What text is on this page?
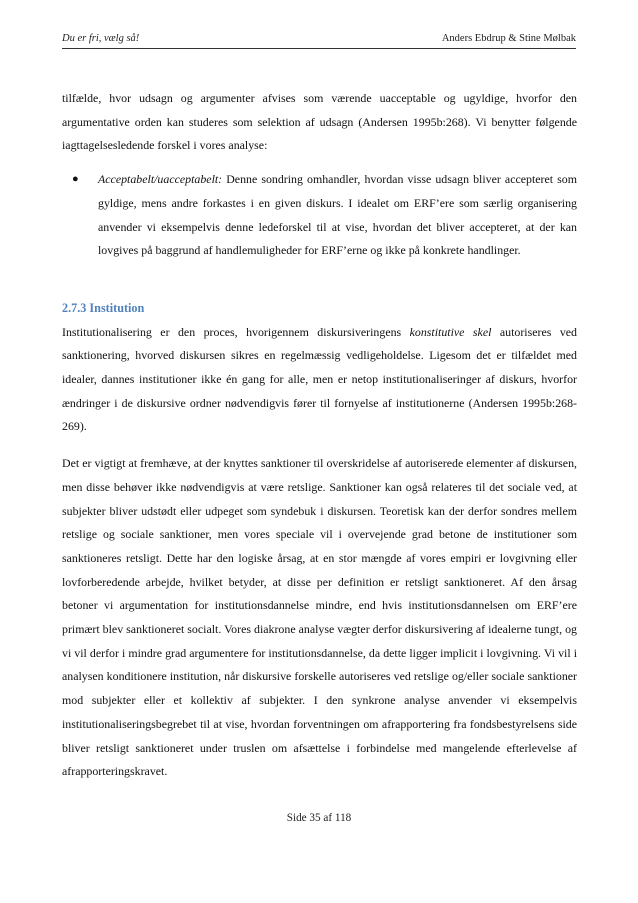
Du er fri, vælg så!	Anders Ebdrup & Stine Mølbak

tilfælde, hvor udsagn og argumenter afvises som værende uacceptable og ugyldige, hvorfor den argumentative orden kan studeres som selektion af udsagn (Andersen 1995b:268). Vi benytter følgende iagttagelsesledende forskel i vores analyse:

● Acceptabelt/uacceptabelt: Denne sondring omhandler, hvordan visse udsagn bliver accepteret som gyldige, mens andre forkastes i en given diskurs. I idealet om ERF’ere som særlig organisering anvender vi eksempelvis denne ledeforskel til at vise, hvordan det bliver accepteret, at der kan lovgives på baggrund af handlemuligheder for ERF’erne og ikke på konkrete handlinger.
2.7.3 Institution

Institutionalisering er den proces, hvorigennem diskursiveringens konstitutive skel autoriseres ved sanktionering, hvorved diskursen sikres en regelmæssig vedligeholdelse. Ligesom det er tilfældet med idealer, dannes institutioner ikke én gang for alle, men er netop institutionaliseringer af diskurs, hvorfor ændringer i de diskursive ordner nødvendigvis fører til fornyelse af institutionerne (Andersen 1995b:268-269).

Det er vigtigt at fremhæve, at der knyttes sanktioner til overskridelse af autoriserede elementer af diskursen, men disse behøver ikke nødvendigvis at være retslige. Sanktioner kan også relateres til det sociale ved, at subjekter bliver udstødt eller udpeget som syndebuk i diskursen. Teoretisk kan der derfor sondres mellem retslige og sociale sanktioner, men vores speciale vil i overvejende grad betone de institutioner som sanktioneres retsligt. Dette har den logiske årsag, at en stor mængde af vores empiri er lovgivning eller lovforberedende arbejde, hvilket betyder, at disse per definition er retsligt sanktioneret. Af den årsag betoner vi argumentation for institutionsdannelse mindre, end hvis institutionsdannelsen om ERF’ere primært blev sanktioneret socialt. Vores diakrone analyse vægter derfor diskursivering af idealerne tungt, og vi vil derfor i mindre grad argumentere for institutionsdannelse, da dette ligger implicit i lovgivning. Vi vil i analysen konditionere institution, når diskursive forskelle autoriseres ved retslige og/eller sociale sanktioner mod subjekter eller et kollektiv af subjekter. I den synkrone analyse anvender vi eksempelvis institutionaliseringsbegrebet til at vise, hvordan forventningen om afrapportering fra fondsbestyrelsens side bliver retsligt sanktioneret under truslen om afsættelse i forbindelse med mangelende efterlevelse af afrapporteringskravet.

Side 35 af 118
